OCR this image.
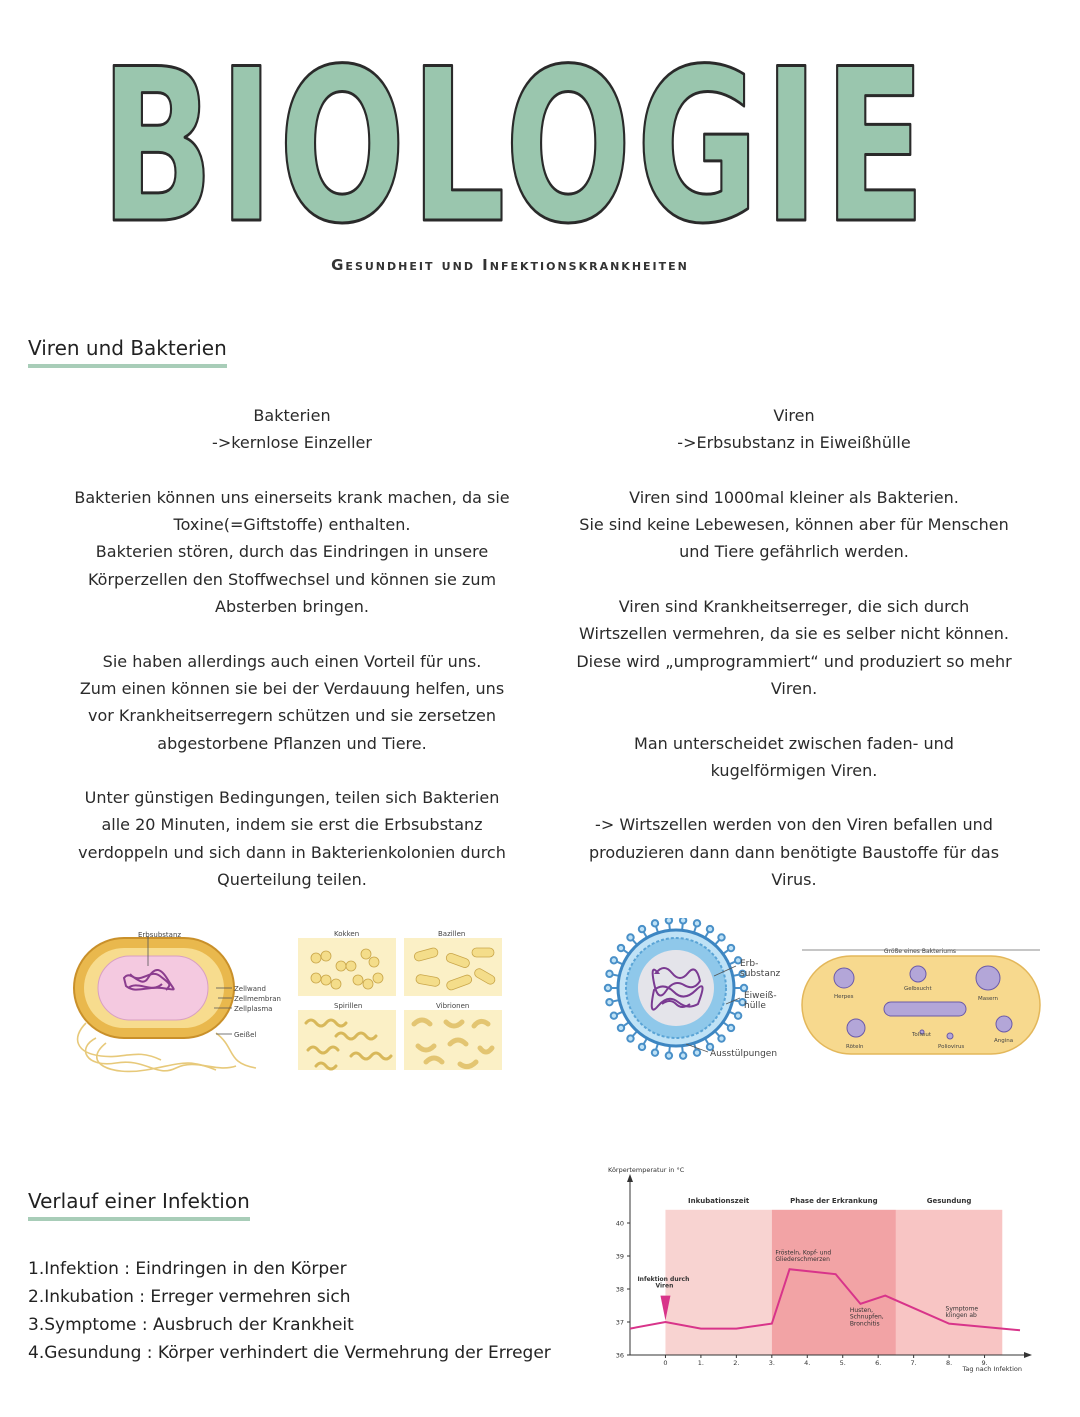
BIOLOGIE
Gesundheit und Infektionskrankheiten
Viren und Bakterien

Bakterien

->kernlose Einzeller

Bakterien können uns einerseits krank machen, da sie

Toxine(=Giftstoffe) enthalten.

Bakterien stören, durch das Eindringen in unsere

Körperzellen den Stoffwechsel und können sie zum

Absterben bringen.

Sie haben allerdings auch einen Vorteil für uns.

Zum einen können sie bei der Verdauung helfen, uns

vor Krankheitserregern schützen und sie zersetzen

abgestorbene Pflanzen und Tiere.

Unter günstigen Bedingungen, teilen sich Bakterien

alle 20 Minuten, indem sie erst die Erbsubstanz

verdoppeln und sich dann in Bakterienkolonien durch

Querteilung teilen.

Viren

->Erbsubstanz in Eiweißhülle

Viren sind 1000mal kleiner als Bakterien.

Sie sind keine Lebewesen, können aber für Menschen

und Tiere gefährlich werden.

Viren sind Krankheitserreger, die sich durch

Wirtszellen vermehren, da sie es selber nicht können.

Diese wird „umprogrammiert“ und produziert so mehr

Viren.

Man unterscheidet zwischen faden- und

kugelförmigen Viren.

-> Wirtszellen werden von den Viren befallen und

produzieren dann dann benötigte Baustoffe für das

Virus.

Erbsubstanz
Zellwand
Zellmembran
Zellplasma
Geißel
Kokken	Bazillen
Spirillen	Vibrionen
Erb-
substanz
Eiweiß-
hülle
Ausstülpungen
Größe eines Bakteriums
Herpes
Gelbsucht
Masern
Röteln
Tollwut
Poliovirus
Angina
Verlauf einer Infektion
1.Infektion : Eindringen in den Körper
2.Inkubation : Erreger vermehren sich
3.Symptome : Ausbruch der Krankheit
4.Gesundung : Körper verhindert die Vermehrung der Erreger
Inkubationszeit	Phase der Erkrankung	Gesundung
Körpertemperatur in °C
Tag nach Infektion
36
37
38
39
40
0	1.	2.	3.	4.	5.	6.	7.	8.	9.
Infektion durch
Viren
Frösteln, Kopf- und
Gliederschmerzen
Husten,
Schnupfen,
Bronchitis
Symptome
klingen ab
